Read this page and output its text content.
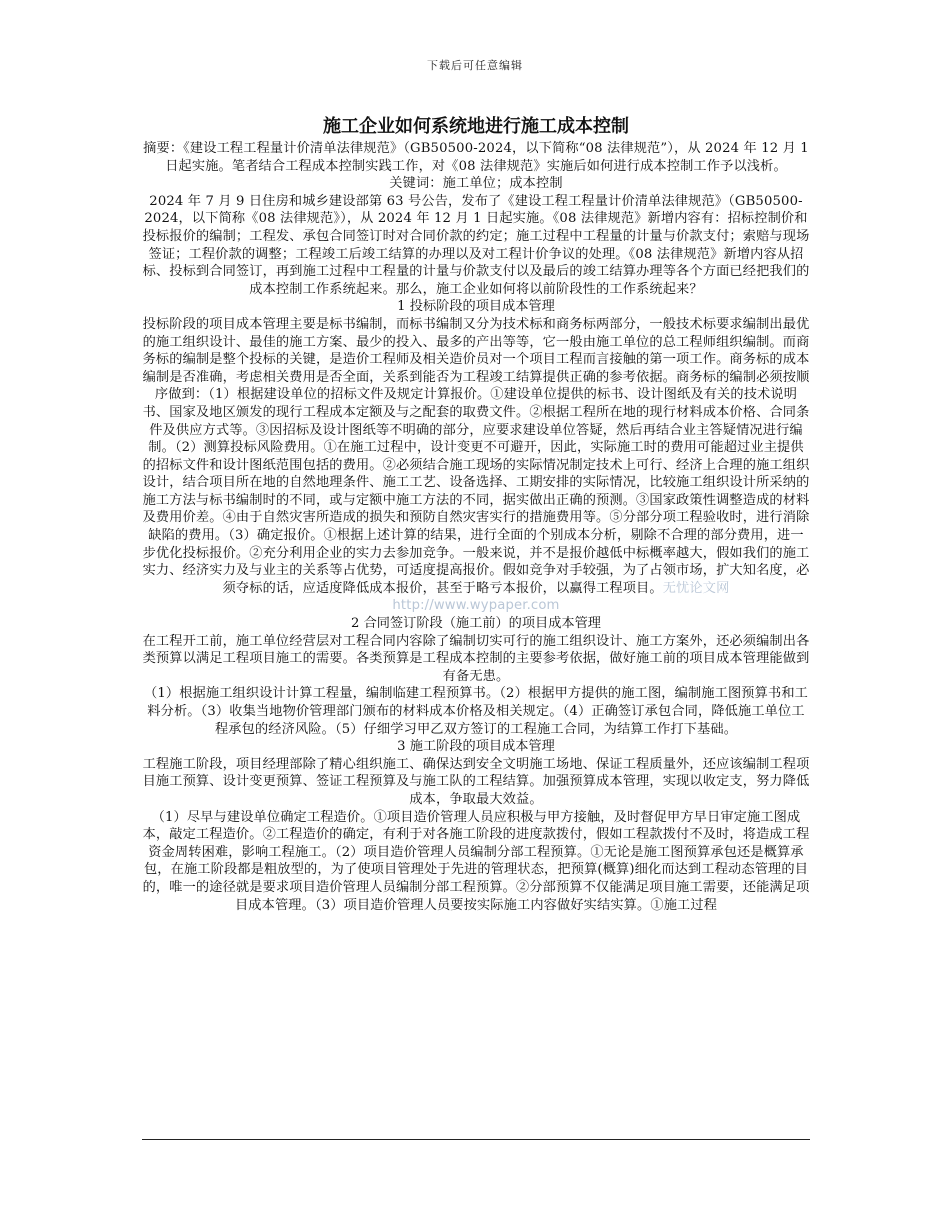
下载后可任意编辑
施工企业如何系统地进行施工成本控制

摘要：《建设工程工程量计价清单法律规范》（GB50500-2024，以下简称“08 法律规范”），从 2024 年 12 月 1 日起实施。笔者结合工程成本控制实践工作，对《08 法律规范》实施后如何进行成本控制工作予以浅析。

关键词：施工单位；成本控制

2024 年 7 月 9 日住房和城乡建设部第 63 号公告，发布了《建设工程工程量计价清单法律规范》（GB50500-2024，以下简称《08 法律规范》），从 2024 年 12 月 1 日起实施。《08 法律规范》新增内容有：招标控制价和投标报价的编制；工程发、承包合同签订时对合同价款的约定；施工过程中工程量的计量与价款支付；索赔与现场签证；工程价款的调整；工程竣工后竣工结算的办理以及对工程计价争议的处理。《08 法律规范》新增内容从招标、投标到合同签订，再到施工过程中工程量的计量与价款支付以及最后的竣工结算办理等各个方面已经把我们的成本控制工作系统起来。那么，施工企业如何将以前阶段性的工作系统起来？

1 投标阶段的项目成本管理

投标阶段的项目成本管理主要是标书编制，而标书编制又分为技术标和商务标两部分，一般技术标要求编制出最优的施工组织设计、最佳的施工方案、最少的投入、最多的产出等等，它一般由施工单位的总工程师组织编制。而商务标的编制是整个投标的关键，是造价工程师及相关造价员对一个项目工程而言接触的第一项工作。商务标的成本编制是否准确，考虑相关费用是否全面，关系到能否为工程竣工结算提供正确的参考依据。商务标的编制必须按顺序做到：（1）根据建设单位的招标文件及规定计算报价。①建设单位提供的标书、设计图纸及有关的技术说明书、国家及地区颁发的现行工程成本定额及与之配套的取费文件。②根据工程所在地的现行材料成本价格、合同条件及供应方式等。③因招标及设计图纸等不明确的部分，应要求建设单位答疑，然后再结合业主答疑情况进行编制。（2）测算投标风险费用。①在施工过程中，设计变更不可避开，因此，实际施工时的费用可能超过业主提供的招标文件和设计图纸范围包括的费用。②必须结合施工现场的实际情况制定技术上可行、经济上合理的施工组织设计，结合项目所在地的自然地理条件、施工工艺、设备选择、工期安排的实际情况，比较施工组织设计所采纳的施工方法与标书编制时的不同，或与定额中施工方法的不同，据实做出正确的预测。③国家政策性调整造成的材料及费用价差。④由于自然灾害所造成的损失和预防自然灾害实行的措施费用等。⑤分部分项工程验收时，进行消除缺陷的费用。（3）确定报价。①根据上述计算的结果，进行全面的个别成本分析，剔除不合理的部分费用，进一步优化投标报价。②充分利用企业的实力去参加竞争。一般来说，并不是报价越低中标概率越大，假如我们的施工实力、经济实力及与业主的关系等占优势，可适度提高报价。假如竞争对手较强，为了占领市场，扩大知名度，必须夺标的话，应适度降低成本报价，甚至于略亏本报价，以赢得工程项目。无忧论文网 http://www.wypaper.com

2 合同签订阶段（施工前）的项目成本管理

在工程开工前，施工单位经营层对工程合同内容除了编制切实可行的施工组织设计、施工方案外，还必须编制出各类预算以满足工程项目施工的需要。各类预算是工程成本控制的主要参考依据，做好施工前的项目成本管理能做到有备无患。

（1）根据施工组织设计计算工程量，编制临建工程预算书。（2）根据甲方提供的施工图，编制施工图预算书和工料分析。（3）收集当地物价管理部门颁布的材料成本价格及相关规定。（4）正确签订承包合同，降低施工单位工程承包的经济风险。（5）仔细学习甲乙双方签订的工程施工合同，为结算工作打下基础。

3 施工阶段的项目成本管理

工程施工阶段，项目经理部除了精心组织施工、确保达到安全文明施工场地、保证工程质量外，还应该编制工程项目施工预算、设计变更预算、签证工程预算及与施工队的工程结算。加强预算成本管理，实现以收定支，努力降低成本，争取最大效益。

（1）尽早与建设单位确定工程造价。①项目造价管理人员应积极与甲方接触，及时督促甲方早日审定施工图成本，敲定工程造价。②工程造价的确定，有利于对各施工阶段的进度款拨付，假如工程款拨付不及时，将造成工程资金周转困难，影响工程施工。（2）项目造价管理人员编制分部工程预算。①无论是施工图预算承包还是概算承包，在施工阶段都是粗放型的，为了使项目管理处于先进的管理状态，把预算(概算)细化而达到工程动态管理的目的，唯一的途径就是要求项目造价管理人员编制分部工程预算。②分部预算不仅能满足项目施工需要，还能满足项目成本管理。（3）项目造价管理人员要按实际施工内容做好实结实算。①施工过程
